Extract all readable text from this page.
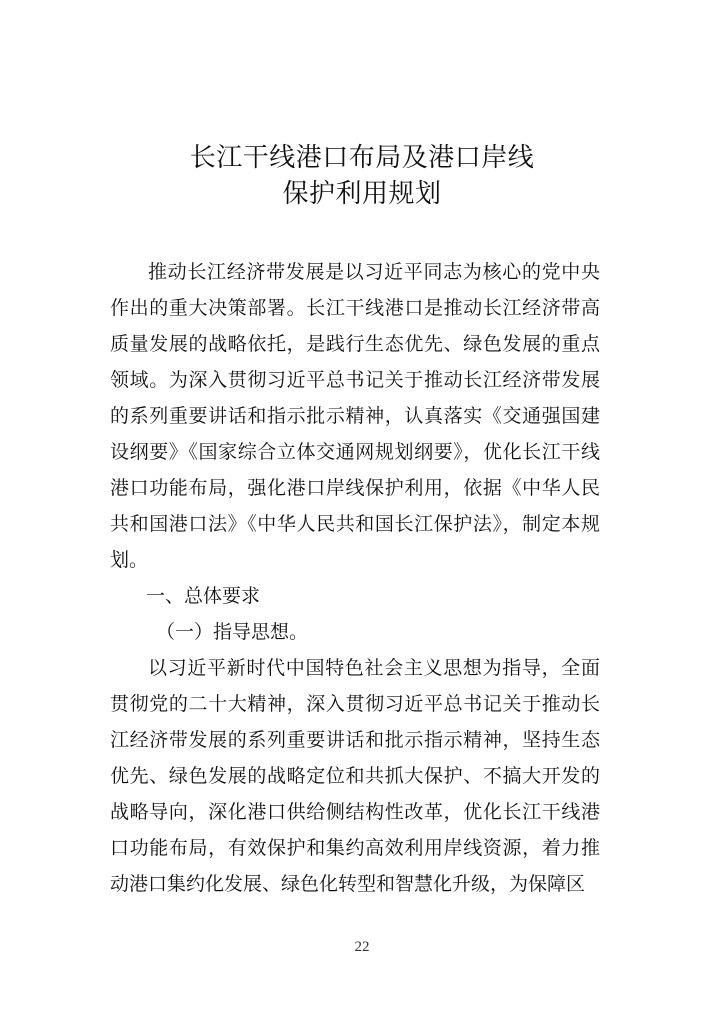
长江干线港口布局及港口岸线
保护利用规划

推动长江经济带发展是以习近平同志为核心的党中央作出的重大决策部署。长江干线港口是推动长江经济带高质量发展的战略依托，是践行生态优先、绿色发展的重点领域。为深入贯彻习近平总书记关于推动长江经济带发展的系列重要讲话和指示批示精神，认真落实《交通强国建设纲要》《国家综合立体交通网规划纲要》，优化长江干线港口功能布局，强化港口岸线保护利用，依据《中华人民共和国港口法》《中华人民共和国长江保护法》，制定本规划。

一、总体要求

（一）指导思想。

以习近平新时代中国特色社会主义思想为指导，全面贯彻党的二十大精神，深入贯彻习近平总书记关于推动长江经济带发展的系列重要讲话和批示指示精神，坚持生态优先、绿色发展的战略定位和共抓大保护、不搞大开发的战略导向，深化港口供给侧结构性改革，优化长江干线港口功能布局，有效保护和集约高效利用岸线资源，着力推动港口集约化发展、绿色化转型和智慧化升级，为保障区

22
